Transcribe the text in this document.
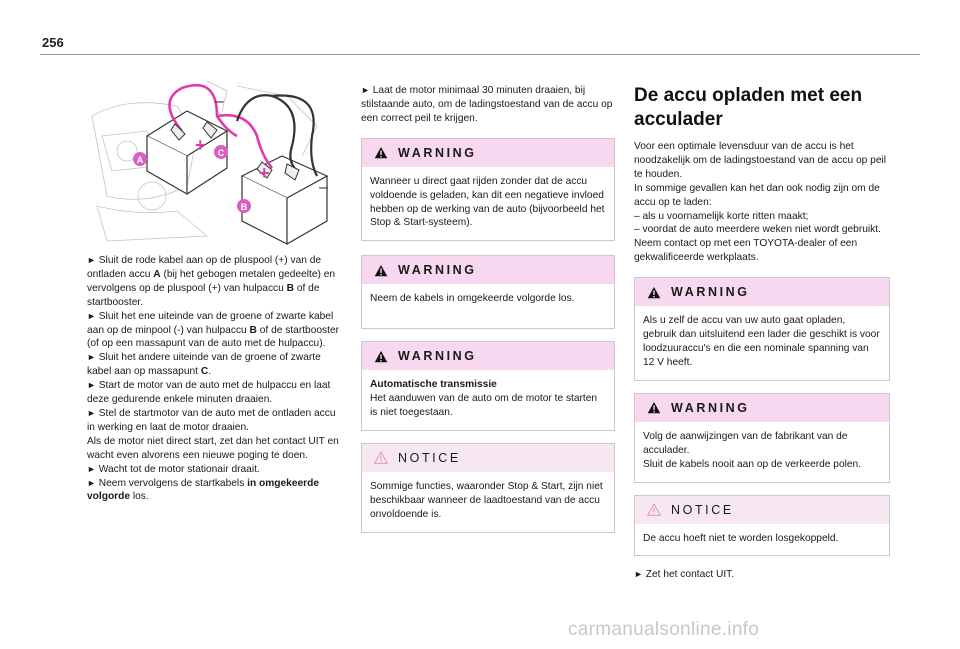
256
+
–
+
–
A
C
B

► Sluit de rode kabel aan op de pluspool (+) van de ontladen accu A (bij het gebogen metalen gedeelte) en vervolgens op de pluspool (+) van hulpaccu B of de startbooster.

► Sluit het ene uiteinde van de groene of zwarte kabel aan op de minpool (-) van hulpaccu B of de startbooster (of op een massapunt van de auto met de hulpaccu).

► Sluit het andere uiteinde van de groene of zwarte kabel aan op massapunt C.

► Start de motor van de auto met de hulpaccu en laat deze gedurende enkele minuten draaien.

► Stel de startmotor van de auto met de ontladen accu in werking en laat de motor draaien.

Als de motor niet direct start, zet dan het contact UIT en wacht even alvorens een nieuwe poging te doen.

► Wacht tot de motor stationair draait.

► Neem vervolgens de startkabels in omgekeerde volgorde los.

► Laat de motor minimaal 30 minuten draaien, bij stilstaande auto, om de ladingstoestand van de accu op een correct peil te krijgen.

WARNING
Wanneer u direct gaat rijden zonder dat de accu voldoende is geladen, kan dit een negatieve invloed hebben op de werking van de auto (bijvoorbeeld het Stop & Start-systeem).
WARNING
Neem de kabels in omgekeerde volgorde los.
WARNING

Automatische transmissie

Het aanduwen van de auto om de motor te starten is niet toegestaan.

NOTICE
Sommige functies, waaronder Stop & Start, zijn niet beschikbaar wanneer de laadtoestand van de accu onvoldoende is.
De accu opladen met een acculader

Voor een optimale levensduur van de accu is het noodzakelijk om de ladingstoestand van de accu op peil te houden.

In sommige gevallen kan het dan ook nodig zijn om de accu op te laden:

– als u voornamelijk korte ritten maakt;

– voordat de auto meerdere weken niet wordt gebruikt.

Neem contact op met een TOYOTA-dealer of een gekwalificeerde werkplaats.

WARNING
Als u zelf de accu van uw auto gaat opladen, gebruik dan uitsluitend een lader die geschikt is voor loodzuuraccu's en die een nominale spanning van 12 V heeft.
WARNING

Volg de aanwijzingen van de fabrikant van de acculader.

Sluit de kabels nooit aan op de verkeerde polen.

NOTICE
De accu hoeft niet te worden losgekoppeld.

► Zet het contact UIT.

carmanualsonline.info
